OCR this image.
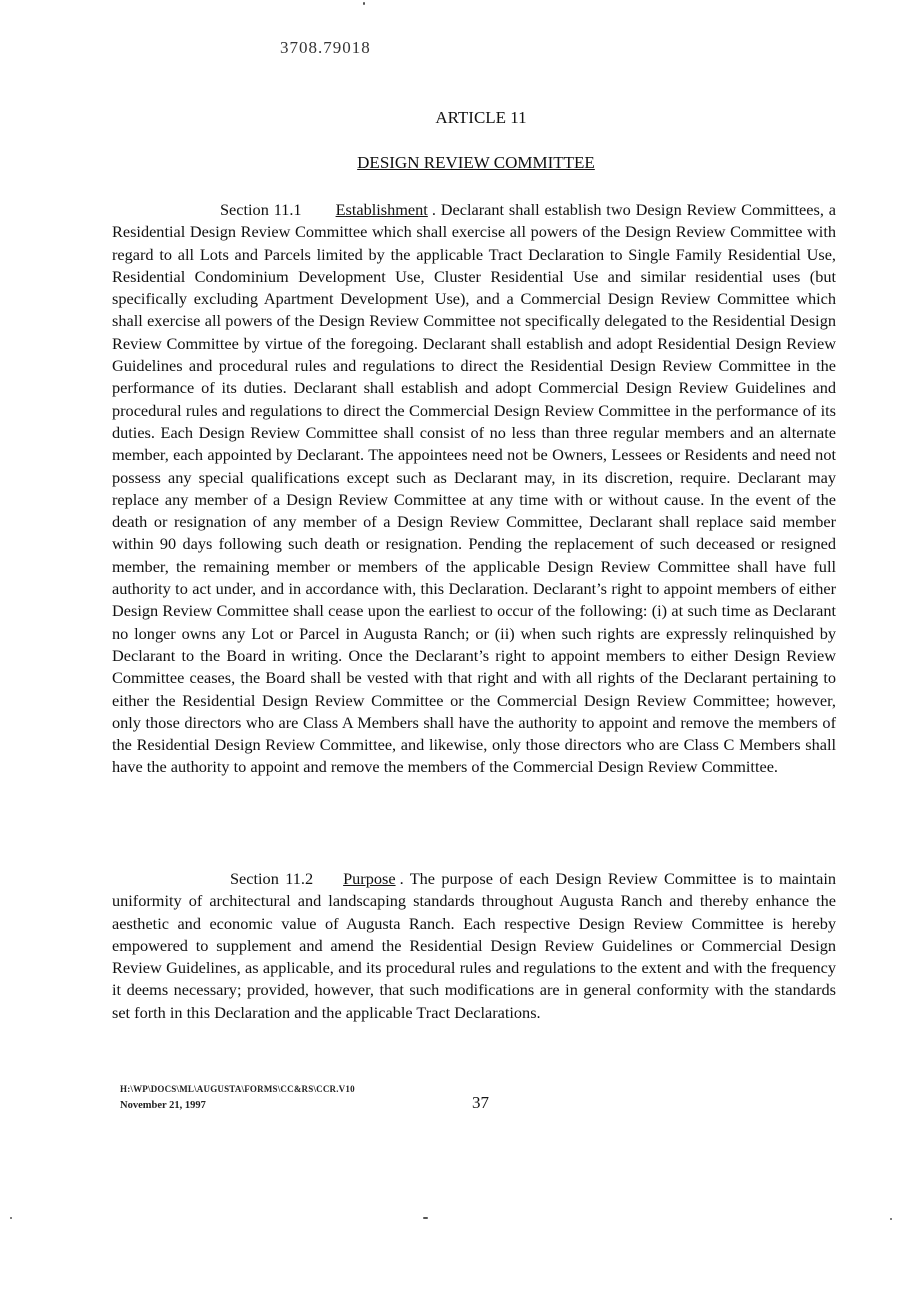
3708.79018
ARTICLE 11
DESIGN REVIEW COMMITTEE

Section 11.1 Establishment . Declarant shall establish two Design Review Committees, a Residential Design Review Committee which shall exercise all powers of the Design Review Committee with regard to all Lots and Parcels limited by the applicable Tract Declaration to Single Family Residential Use, Residential Condominium Development Use, Cluster Residential Use and similar residential uses (but specifically excluding Apartment Development Use), and a Commercial Design Review Committee which shall exercise all powers of the Design Review Committee not specifically delegated to the Residential Design Review Committee by virtue of the foregoing. Declarant shall establish and adopt Residential Design Review Guidelines and procedural rules and regulations to direct the Residential Design Review Committee in the performance of its duties. Declarant shall establish and adopt Commercial Design Review Guidelines and procedural rules and regulations to direct the Commercial Design Review Committee in the performance of its duties. Each Design Review Committee shall consist of no less than three regular members and an alternate member, each appointed by Declarant. The appointees need not be Owners, Lessees or Residents and need not possess any special qualifications except such as Declarant may, in its discretion, require. Declarant may replace any member of a Design Review Committee at any time with or without cause. In the event of the death or resignation of any member of a Design Review Committee, Declarant shall replace said member within 90 days following such death or resignation. Pending the replacement of such deceased or resigned member, the remaining member or members of the applicable Design Review Committee shall have full authority to act under, and in accordance with, this Declaration. Declarant’s right to appoint members of either Design Review Committee shall cease upon the earliest to occur of the following: (i) at such time as Declarant no longer owns any Lot or Parcel in Augusta Ranch; or (ii) when such rights are expressly relinquished by Declarant to the Board in writing. Once the Declarant’s right to appoint members to either Design Review Committee ceases, the Board shall be vested with that right and with all rights of the Declarant pertaining to either the Residential Design Review Committee or the Commercial Design Review Committee; however, only those directors who are Class A Members shall have the authority to appoint and remove the members of the Residential Design Review Committee, and likewise, only those directors who are Class C Members shall have the authority to appoint and remove the members of the Commercial Design Review Committee.

Section 11.2 Purpose . The purpose of each Design Review Committee is to maintain uniformity of architectural and landscaping standards throughout Augusta Ranch and thereby enhance the aesthetic and economic value of Augusta Ranch. Each respective Design Review Committee is hereby empowered to supplement and amend the Residential Design Review Guidelines or Commercial Design Review Guidelines, as applicable, and its procedural rules and regulations to the extent and with the frequency it deems necessary; provided, however, that such modifications are in general conformity with the standards set forth in this Declaration and the applicable Tract Declarations.

H:\WP\DOCS\ML\AUGUSTA\FORMS\CC&RS\CCR.V10
November 21, 1997	37
